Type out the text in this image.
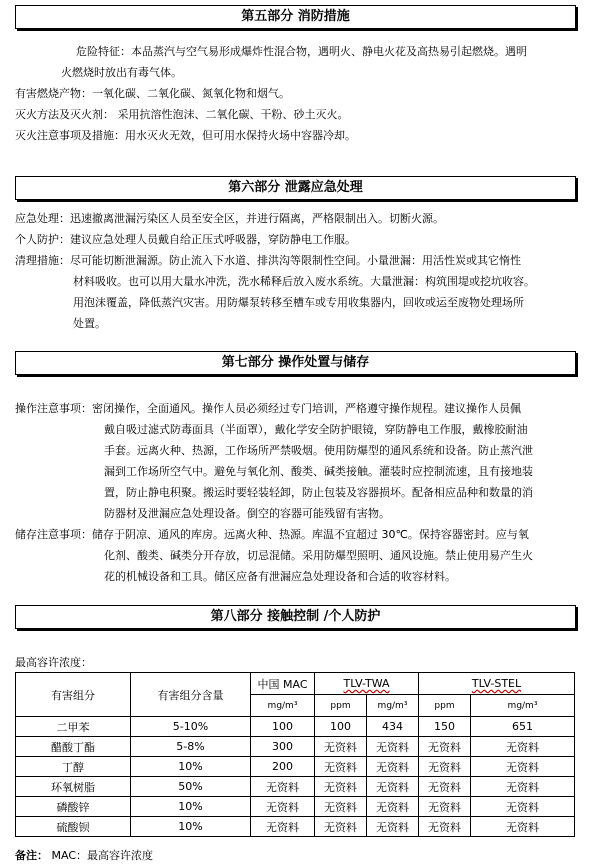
第五部分 消防措施
危险特征：本品蒸汽与空气易形成爆炸性混合物，遇明火、静电火花及高热易引起燃烧。遇明
火燃烧时放出有毒气体。
有害燃烧产物：一氧化碳、二氧化碳、氮氧化物和烟气。
灭火方法及灭火剂： 采用抗溶性泡沫、二氧化碳、干粉、砂土灭火。
灭火注意事项及措施：用水灭火无效，但可用水保持火场中容器冷却。
第六部分 泄露应急处理
应急处理：迅速撤离泄漏污染区人员至安全区，并进行隔离，严格限制出入。切断火源。
个人防护：建议应急处理人员戴自给正压式呼吸器，穿防静电工作服。
清理措施：尽可能切断泄漏源。防止流入下水道、排洪沟等限制性空间。小量泄漏：用活性炭或其它惰性
材料吸收。也可以用大量水冲洗，洗水稀释后放入废水系统。大量泄漏：构筑围堤或挖坑收容。
用泡沫覆盖，降低蒸汽灾害。用防爆泵转移至槽车或专用收集器内，回收或运至废物处理场所
处置。
第七部分 操作处置与储存
操作注意事项：密闭操作，全面通风。操作人员必须经过专门培训，严格遵守操作规程。建议操作人员佩
戴自吸过滤式防毒面具（半面罩），戴化学安全防护眼镜，穿防静电工作服，戴橡胶耐油
手套。远离火种、热源，工作场所严禁吸烟。使用防爆型的通风系统和设备。防止蒸汽泄
漏到工作场所空气中。避免与氧化剂、酸类、碱类接触。灌装时应控制流速，且有接地装
置，防止静电积聚。搬运时要轻装轻卸，防止包装及容器损坏。配备相应品种和数量的消
防器材及泄漏应急处理设备。倒空的容器可能残留有害物。
储存注意事项：储存于阴凉、通风的库房。远离火种、热源。库温不宜超过 30℃。保持容器密封。应与氧
化剂、酸类、碱类分开存放，切忌混储。采用防爆型照明、通风设施。禁止使用易产生火
花的机械设备和工具。储区应备有泄漏应急处理设备和合适的收容材料。
第八部分 接触控制 /个人防护
最高容许浓度：
有害组分	有害组分含量	中国 MAC	TLV-TWA		TLV-STEL	
		mg/m³	ppm	mg/m³	ppm	mg/m³
二甲苯	5-10%	100	100	434	150	651
醋酸丁酯	5-8%	300	无资料	无资料	无资料	无资料
丁醇	10%	200	无资料	无资料	无资料	无资料
环氧树脂	50%	无资料	无资料	无资料	无资料	无资料
磷酸锌	10%	无资料	无资料	无资料	无资料	无资料
硫酸钡	10%	无资料	无资料	无资料	无资料	无资料
备注： MAC：最高容许浓度
